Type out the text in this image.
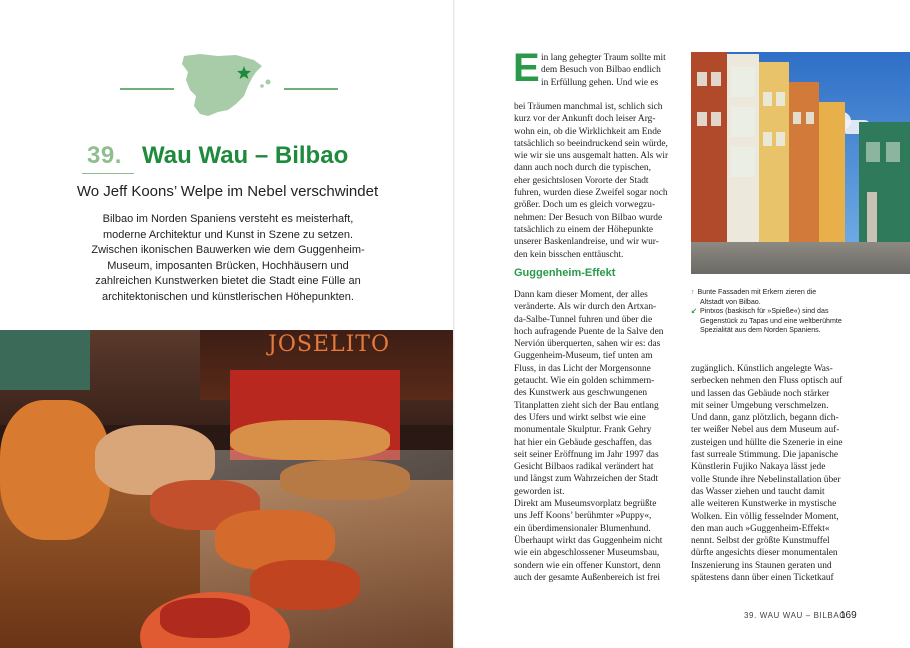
39. Wau Wau – Bilbao
Wo Jeff Koons’ Welpe im Nebel verschwindet
Bilbao im Norden Spaniens versteht es meisterhaft,
moderne Architektur und Kunst in Szene zu setzen.
Zwischen ikonischen Bauwerken wie dem Guggenheim-
Museum, imposanten Brücken, Hochhäusern und
zahlreichen Kunstwerken bietet die Stadt eine Fülle an
architektonischen und künstlerischen Höhepunkten.
JOSELITO
E in lang gehegter Traum sollte mit
dem Besuch von Bilbao endlich
in Erfüllung gehen. Und wie es
bei Träumen manchmal ist, schlich sich
kurz vor der Ankunft doch leiser Arg-
wohn ein, ob die Wirklichkeit am Ende
tatsächlich so beeindruckend sein würde,
wie wir sie uns ausgemalt hatten. Als wir
dann auch noch durch die typischen,
eher gesichtslosen Vororte der Stadt
fuhren, wurden diese Zweifel sogar noch
größer. Doch um es gleich vorwegzu-
nehmen: Der Besuch von Bilbao wurde
tatsächlich zu einem der Höhepunkte
unserer Baskenlandreise, und wir wur-
den kein bisschen enttäuscht.
Guggenheim-Effekt
Dann kam dieser Moment, der alles
veränderte. Als wir durch den Artxan-
da-Salbe-Tunnel fuhren und über die
hoch aufragende Puente de la Salve den
Nervión überquerten, sahen wir es: das
Guggenheim-Museum, tief unten am
Fluss, in das Licht der Morgensonne
getaucht. Wie ein golden schimmern-
des Kunstwerk aus geschwungenen
Titanplatten zieht sich der Bau entlang
des Ufers und wirkt selbst wie eine
monumentale Skulptur. Frank Gehry
hat hier ein Gebäude geschaffen, das
seit seiner Eröffnung im Jahr 1997 das
Gesicht Bilbaos radikal verändert hat
und längst zum Wahrzeichen der Stadt
geworden ist.
Direkt am Museumsvorplatz begrüßte
uns Jeff Koons’ berühmter »Puppy«,
ein überdimensionaler Blumenhund.
Überhaupt wirkt das Guggenheim nicht
wie ein abgeschlossener Museumsbau,
sondern wie ein offener Kunstort, denn
auch der gesamte Außenbereich ist frei
↑ Bunte Fassaden mit Erkern zieren die
Altstadt von Bilbao.
↙ Pintxos (baskisch für »Spieße«) sind das
Gegenstück zu Tapas und eine weltberühmte
Spezialität aus dem Norden Spaniens.
zugänglich. Künstlich angelegte Was-
serbecken nehmen den Fluss optisch auf
und lassen das Gebäude noch stärker
mit seiner Umgebung verschmelzen.
Und dann, ganz plötzlich, begann dich-
ter weißer Nebel aus dem Museum auf-
zusteigen und hüllte die Szenerie in eine
fast surreale Stimmung. Die japanische
Künstlerin Fujiko Nakaya lässt jede
volle Stunde ihre Nebelinstallation über
das Wasser ziehen und taucht damit
alle weiteren Kunstwerke in mystische
Wolken. Ein völlig fesselnder Moment,
den man auch »Guggenheim-Effekt«
nennt. Selbst der größte Kunstmuffel
dürfte angesichts dieser monumentalen
Inszenierung ins Staunen geraten und
spätestens dann über einen Ticketkauf
39. WAU WAU – BILBAO
169
